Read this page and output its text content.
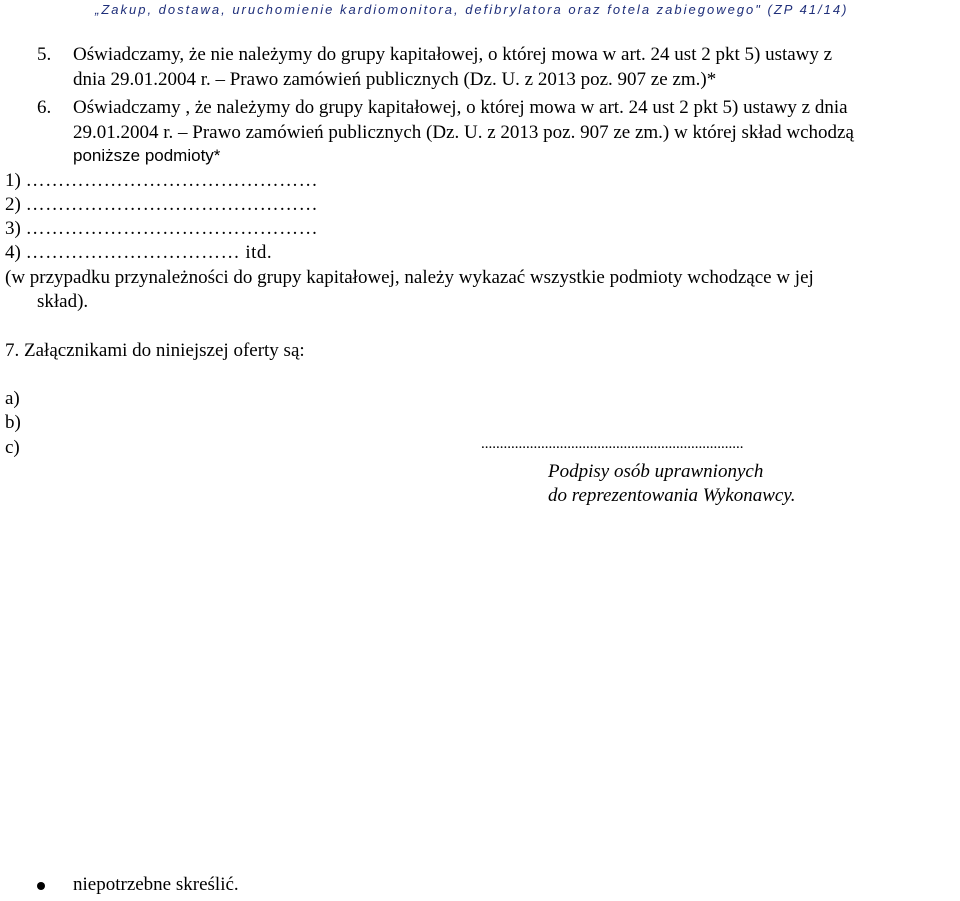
„Zakup, dostawa, uruchomienie kardiomonitora, defibrylatora oraz fotela zabiegowego" (ZP 41/14)
5. Oświadczamy, że nie należymy do grupy kapitałowej, o której mowa w art. 24 ust 2 pkt 5) ustawy z
dnia 29.01.2004 r. – Prawo zamówień publicznych (Dz. U. z 2013 poz. 907 ze zm.)*
6. Oświadczamy , że należymy do grupy kapitałowej, o której mowa w art. 24 ust 2 pkt 5) ustawy z dnia
29.01.2004 r. – Prawo zamówień publicznych (Dz. U. z 2013 poz. 907 ze zm.) w której skład wchodzą
poniższe podmioty*
1) ………………………………………
2) ………………………………………
3) ………………………………………
4) …………………………… itd.
(w przypadku przynależności do grupy kapitałowej, należy wykazać wszystkie podmioty wchodzące w jej
skład).
7. Załącznikami do niniejszej oferty są:
a)
b)
c)	......................................................................
Podpisy osób uprawnionych
do reprezentowania Wykonawcy.
niepotrzebne skreślić.
